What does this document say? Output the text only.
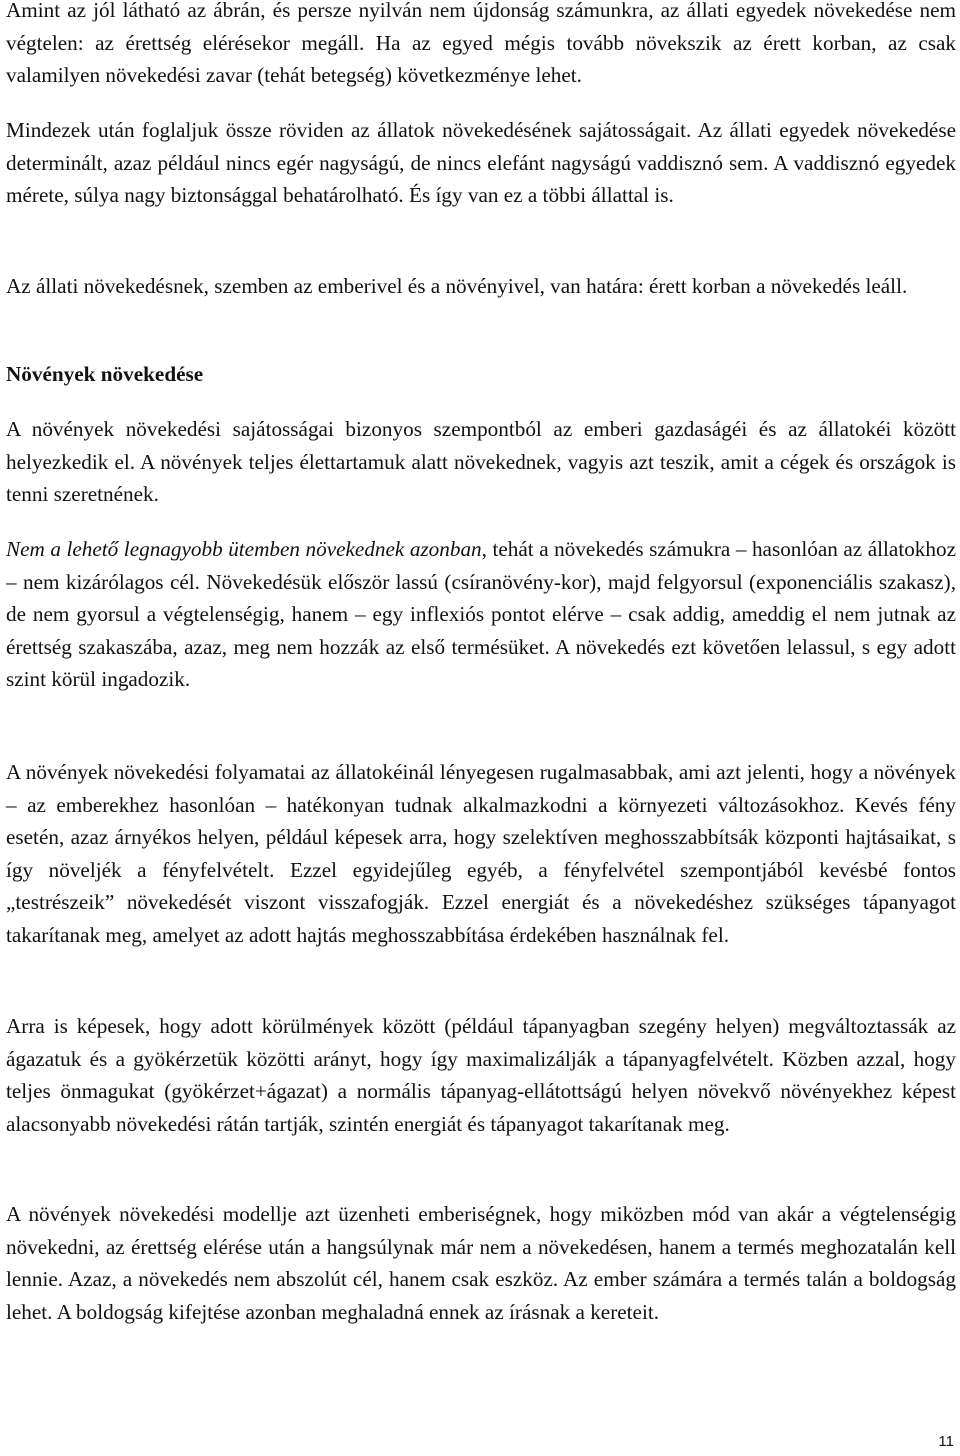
Amint az jól látható az ábrán, és persze nyilván nem újdonság számunkra, az állati egyedek növekedése nem végtelen: az érettség elérésekor megáll. Ha az egyed mégis tovább növekszik az érett korban, az csak valamilyen növekedési zavar (tehát betegség) következménye lehet.

Mindezek után foglaljuk össze röviden az állatok növekedésének sajátosságait. Az állati egyedek növekedése determinált, azaz például nincs egér nagyságú, de nincs elefánt nagyságú vaddisznó sem. A vaddisznó egyedek mérete, súlya nagy biztonsággal behatárolható. És így van ez a többi állattal is.

Az állati növekedésnek, szemben az emberivel és a növényivel, van határa: érett korban a növekedés leáll.

Növények növekedése

A növények növekedési sajátosságai bizonyos szempontból az emberi gazdaságéi és az állatokéi között helyezkedik el. A növények teljes élettartamuk alatt növekednek, vagyis azt teszik, amit a cégek és országok is tenni szeretnének.

Nem a lehető legnagyobb ütemben növekednek azonban, tehát a növekedés számukra – hasonlóan az állatokhoz – nem kizárólagos cél. Növekedésük először lassú (csíranövény-kor), majd felgyorsul (exponenciális szakasz), de nem gyorsul a végtelenségig, hanem – egy inflexiós pontot elérve – csak addig, ameddig el nem jutnak az érettség szakaszába, azaz, meg nem hozzák az első termésüket. A növekedés ezt követően lelassul, s egy adott szint körül ingadozik.

A növények növekedési folyamatai az állatokéinál lényegesen rugalmasabbak, ami azt jelenti, hogy a növények – az emberekhez hasonlóan – hatékonyan tudnak alkalmazkodni a környezeti változásokhoz. Kevés fény esetén, azaz árnyékos helyen, például képesek arra, hogy szelektíven meghosszabbítsák központi hajtásaikat, s így növeljék a fényfelvételt. Ezzel egyidejűleg egyéb, a fényfelvétel szempontjából kevésbé fontos „testrészeik” növekedését viszont visszafogják. Ezzel energiát és a növekedéshez szükséges tápanyagot takarítanak meg, amelyet az adott hajtás meghosszabbítása érdekében használnak fel.

Arra is képesek, hogy adott körülmények között (például tápanyagban szegény helyen) megváltoztassák az ágazatuk és a gyökérzetük közötti arányt, hogy így maximalizálják a tápanyagfelvételt. Közben azzal, hogy teljes önmagukat (gyökérzet+ágazat) a normális tápanyag-ellátottságú helyen növekvő növényekhez képest alacsonyabb növekedési rátán tartják, szintén energiát és tápanyagot takarítanak meg.

A növények növekedési modellje azt üzenheti emberiségnek, hogy miközben mód van akár a végtelenségig növekedni, az érettség elérése után a hangsúlynak már nem a növekedésen, hanem a termés meghozatalán kell lennie. Azaz, a növekedés nem abszolút cél, hanem csak eszköz. Az ember számára a termés talán a boldogság lehet. A boldogság kifejtése azonban meghaladná ennek az írásnak a kereteit.

11
